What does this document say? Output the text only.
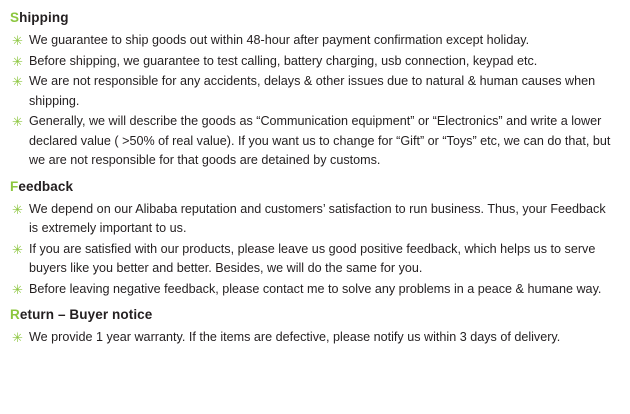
Shipping
✳ We guarantee to ship goods out within 48-hour after payment confirmation except holiday.
✳ Before shipping, we guarantee to test calling, battery charging, usb connection, keypad etc.
✳ We are not responsible for any accidents, delays & other issues due to natural & human causes when shipping.
✳ Generally, we will describe the goods as “Communication equipment” or “Electronics” and write a lower declared value ( >50% of real value). If you want us to change for “Gift” or “Toys” etc, we can do that, but we are not responsible for that goods are detained by customs.
Feedback
✳ We depend on our Alibaba reputation and customers’ satisfaction to run business. Thus, your Feedback is extremely important to us.
✳ If you are satisfied with our products, please leave us good positive feedback, which helps us to serve buyers like you better and better. Besides, we will do the same for you.
✳ Before leaving negative feedback, please contact me to solve any problems in a peace & humane way.
Return – Buyer notice
✳ We provide 1 year warranty. If the items are defective, please notify us within 3 days of delivery.
